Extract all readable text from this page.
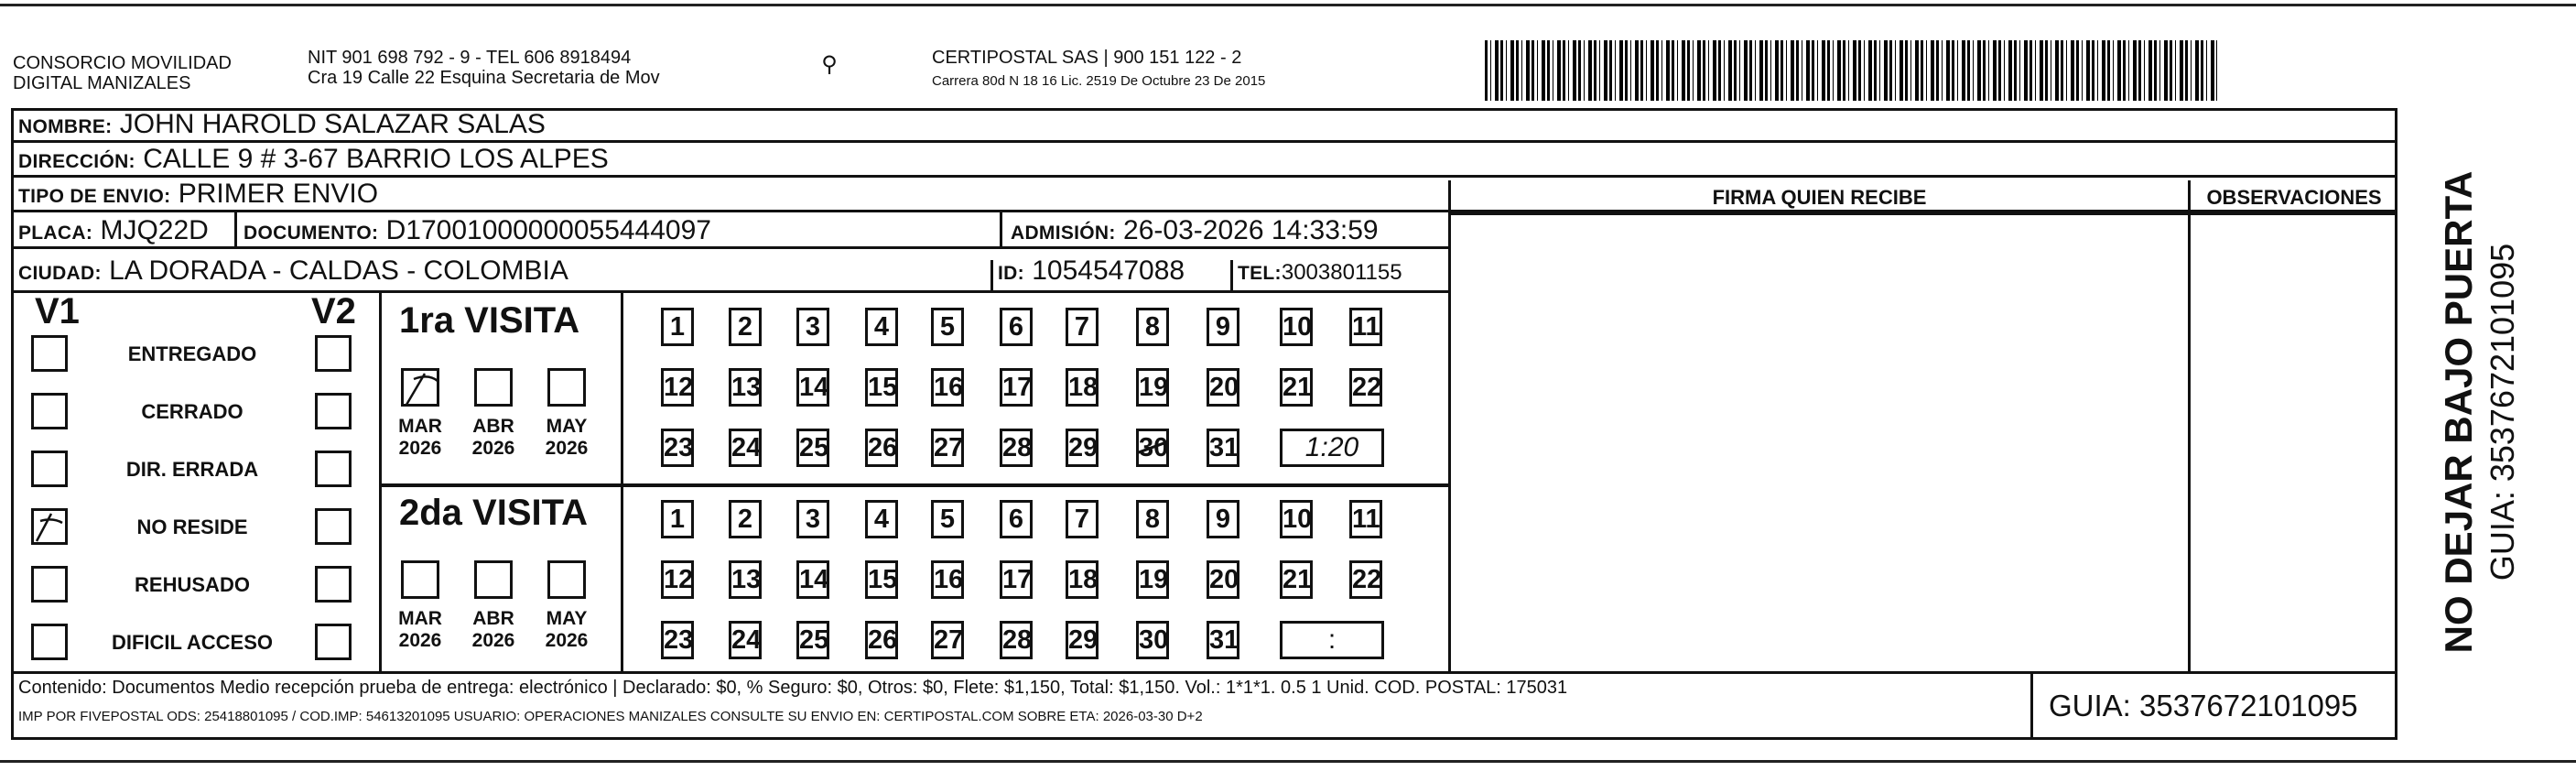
CONSORCIO MOVILIDAD
DIGITAL MANIZALES
NIT 901 698 792 - 9 - TEL 606 8918494
Cra 19 Calle 22 Esquina Secretaria de Mov
⚲	CERTIPOSTAL SAS | 900 151 122 - 2
Carrera 80d N 18 16 Lic. 2519 De Octubre 23 De 2015
NOMBRE: JOHN HAROLD SALAZAR SALAS
DIRECCIÓN: CALLE 9 # 3-67 BARRIO LOS ALPES
TIPO DE ENVIO: PRIMER ENVIO	FIRMA QUIEN RECIBE	OBSERVACIONES
PLACA: MJQ22D DOCUMENTO: D17001000000055444097	ADMISIÓN: 26-03-2026 14:33:59
CIUDAD: LA DORADA - CALDAS - COLOMBIA	ID: 1054547088	TEL:3003801155
V1	V2
ENTREGADO
CERRADO
DIR. ERRADA
NO RESIDE
REHUSADO
DIFICIL ACCESO
1ra VISITA
2da VISITA
1	2	3	4	5	6	7	8	9	10 11
12 13 14 15 16 17 18 19 20 21 22
23 24 25 26 27 28 29 30 31	1:20
MAR
2026
ABR
2026
MAY
2026
1	2	3	4	5	6	7	8	9	10 11
12 13 14 15 16 17 18 19 20 21 22
23 24 25 26 27 28 29 30 31	:
MAR
2026
ABR
2026
MAY
2026
Contenido: Documentos Medio recepción prueba de entrega: electrónico | Declarado: $0, % Seguro: $0, Otros: $0, Flete: $1,150, Total: $1,150. Vol.: 1*1*1. 0.5 1 Unid. COD. POSTAL: 175031
IMP POR FIVEPOSTAL ODS: 25418801095 / COD.IMP: 54613201095 USUARIO: OPERACIONES MANIZALES CONSULTE SU ENVIO EN: CERTIPOSTAL.COM SOBRE ETA: 2026-03-30 D+2	GUIA: 3537672101095
NO DEJAR BAJO PUERTA GUIA: 3537672101095
